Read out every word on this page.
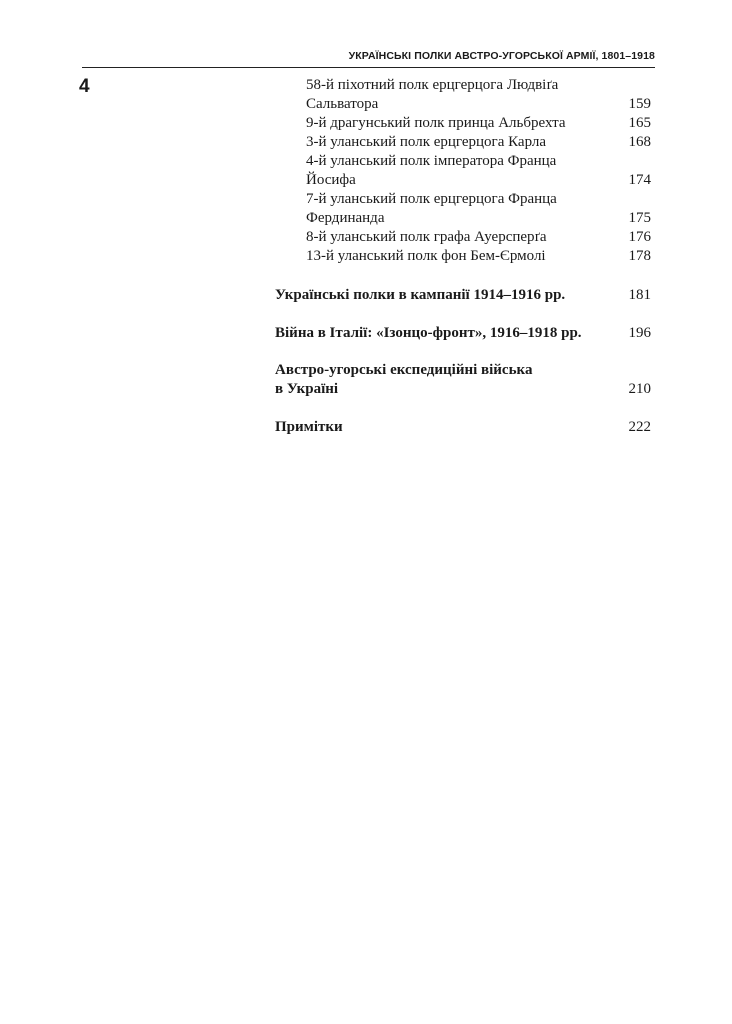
УКРАЇНСЬКІ ПОЛКИ АВСТРО-УГОРСЬКОЇ АРМІЇ, 1801–1918
4	58-й піхотний полк ерцгерцога Людвіґа
Сальватора	159
9-й драгунський полк принца Альбрехта	165
3-й уланський полк ерцгерцога Карла	168
4-й уланський полк імператора Франца
Йосифа	174
7-й уланський полк ерцгерцога Франца
Фердинанда	175
8-й уланський полк графа Ауерсперґа	176
13-й уланський полк фон Бем-Єрмолі	178
Українські полки в кампанії 1914–1916 рр.	181
Війна в Італії: «Ізонцо-фронт», 1916–1918 рр.	196
Австро-угорські експедиційні війська
в Україні	210
Примітки	222
